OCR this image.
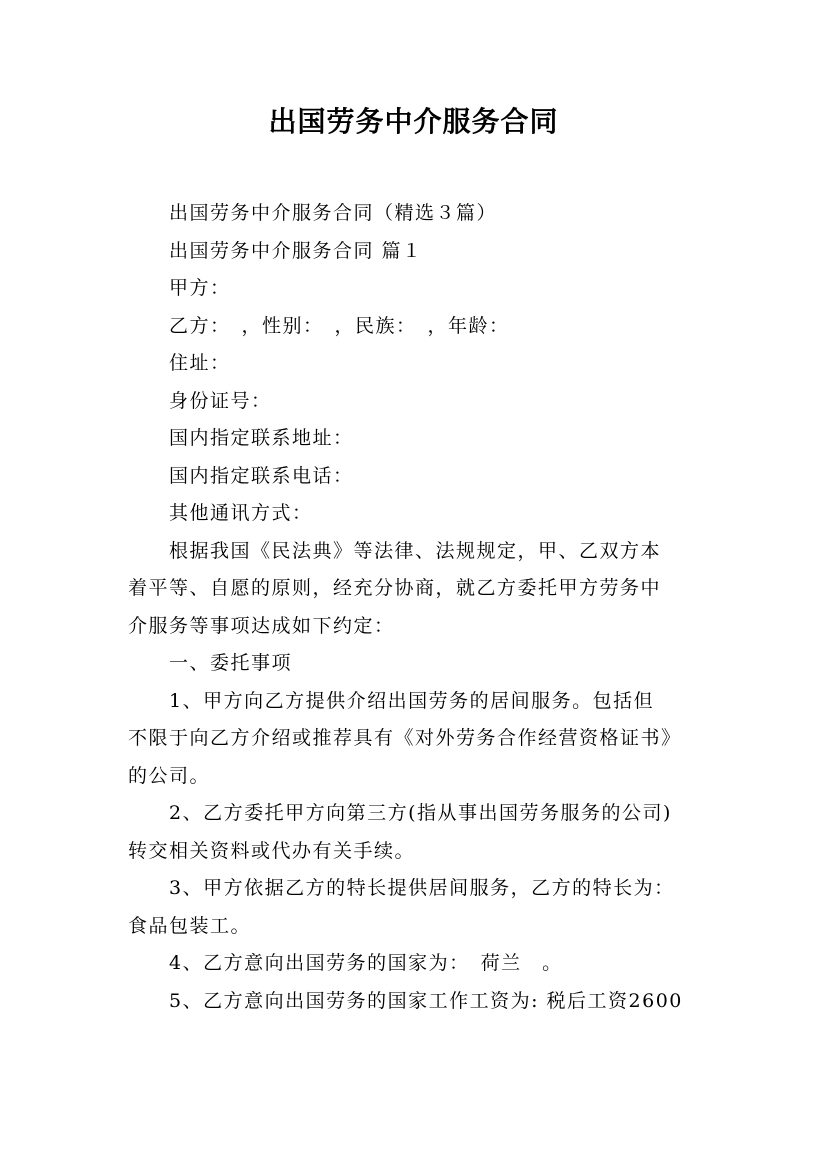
出国劳务中介服务合同

出国劳务中介服务合同（精选３篇）

出国劳务中介服务合同 篇１

甲方：

乙方：　，性别：　，民族：　，年龄：

住址：

身份证号：

国内指定联系地址：

国内指定联系电话：

其他通讯方式：

根据我国《民法典》等法律、法规规定，甲、乙双方本
着平等、自愿的原则，经充分协商，就乙方委托甲方劳务中
介服务等事项达成如下约定：

一、委托事项

1、甲方向乙方提供介绍出国劳务的居间服务。包括但
不限于向乙方介绍或推荐具有《对外劳务合作经营资格证书》
的公司。

2、乙方委托甲方向第三方(指从事出国劳务服务的公司)
转交相关资料或代办有关手续。

3、甲方依据乙方的特长提供居间服务，乙方的特长为：
食品包装工。

4、乙方意向出国劳务的国家为：　荷兰　。

5、乙方意向出国劳务的国家工作工资为: 税后工资2600
